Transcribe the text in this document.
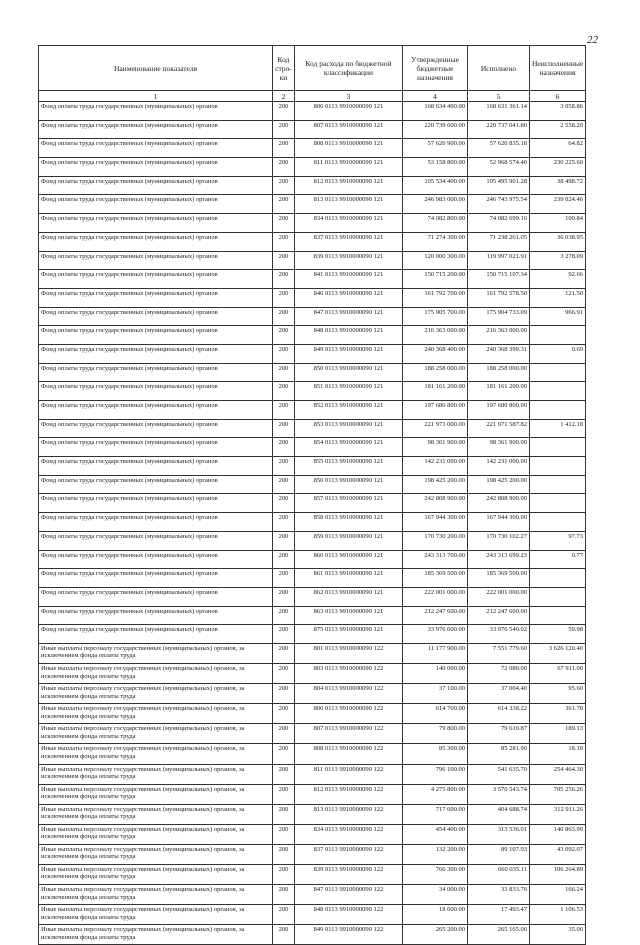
22
Наименование показателя	Код стро-ки	Код расхода по бюджетной классификации	Утвержденные бюджетные назначения	Исполнено	Неисполненные назначения
1	2	3	4	5	6
Фонд оплаты труда государственных (муниципальных) органов	200	806 0113 9910000090 121	168 634 490.00	168 631 361.14	3 058.86
Фонд оплаты труда государственных (муниципальных) органов	200	807 0113 9910000090 121	220 739 600.00	220 737 041.80	2 558.20
Фонд оплаты труда государственных (муниципальных) органов	200	808 0113 9910000090 121	57 620 900.00	57 620 835.18	64.82
Фонд оплаты труда государственных (муниципальных) органов	200	811 0113 9910000090 121	53 158 800.00	52 968 574.40	230 225.60
Фонд оплаты труда государственных (муниципальных) органов	200	812 0113 9910000090 121	105 534 400.00	105 495 901.28	38 498.72
Фонд оплаты труда государственных (муниципальных) органов	200	813 0113 9910000090 121	246 983 000.00	246 743 975.54	239 024.46
Фонд оплаты труда государственных (муниципальных) органов	200	834 0113 9910000090 121	74 082 800.00	74 082 699.16	100.84
Фонд оплаты труда государственных (муниципальных) органов	200	837 0113 9910000090 121	71 274 300.00	71 238 261.05	36 038.95
Фонд оплаты труда государственных (муниципальных) органов	200	839 0113 9910000090 121	120 000 300.00	119 997 021.91	3 278.09
Фонд оплаты труда государственных (муниципальных) органов	200	841 0113 9910000090 121	150 715 200.00	150 715 107.34	92.66
Фонд оплаты труда государственных (муниципальных) органов	200	846 0113 9910000090 121	161 792 700.00	161 792 578.50	121.50
Фонд оплаты труда государственных (муниципальных) органов	200	847 0113 9910000090 121	175 905 700.00	175 904 733.09	966.91
Фонд оплаты труда государственных (муниципальных) органов	200	848 0113 9910000090 121	216 363 000.00	216 363 000.00	
Фонд оплаты труда государственных (муниципальных) органов	200	849 0113 9910000090 121	240 368 400.00	240 368 399.31	0.69
Фонд оплаты труда государственных (муниципальных) органов	200	850 0113 9910000090 121	188 258 000.00	188 258 000.00	
Фонд оплаты труда государственных (муниципальных) органов	200	851 0113 9910000090 121	181 161 200.00	181 161 200.00	
Фонд оплаты труда государственных (муниципальных) органов	200	852 0113 9910000090 121	197 680 800.00	197 680 800.00	
Фонд оплаты труда государственных (муниципальных) органов	200	853 0113 9910000090 121	221 973 000.00	221 971 587.82	1 412.18
Фонд оплаты труда государственных (муниципальных) органов	200	854 0113 9910000090 121	98 361 900.00	98 361 900.00	
Фонд оплаты труда государственных (муниципальных) органов	200	855 0113 9910000090 121	142 231 000.00	142 231 000.00	
Фонд оплаты труда государственных (муниципальных) органов	200	856 0113 9910000090 121	198 425 200.00	198 425 200.00	
Фонд оплаты труда государственных (муниципальных) органов	200	857 0113 9910000090 121	242 808 900.00	242 808 900.00	
Фонд оплаты труда государственных (муниципальных) органов	200	858 0113 9910000090 121	167 944 300.00	167 944 300.00	
Фонд оплаты труда государственных (муниципальных) органов	200	859 0113 9910000090 121	170 730 200.00	170 730 102.27	97.73
Фонд оплаты труда государственных (муниципальных) органов	200	860 0113 9910000090 121	243 313 700.00	243 313 699.23	0.77
Фонд оплаты труда государственных (муниципальных) органов	200	861 0113 9910000090 121	185 369 500.00	185 369 500.00	
Фонд оплаты труда государственных (муниципальных) органов	200	862 0113 9910000090 121	222 001 000.00	222 001 000.00	
Фонд оплаты труда государственных (муниципальных) органов	200	863 0113 9910000090 121	212 247 600.00	212 247 600.00	
Фонд оплаты труда государственных (муниципальных) органов	200	875 0113 9910000090 121	33 976 600.00	33 976 540.02	59.98
Иные выплаты персоналу государственных (муниципальных) органов, за исключением фонда оплаты труда	200	801 0113 9910000090 122	11 177 900.00	7 551 779.60	3 626 120.40
Иные выплаты персоналу государственных (муниципальных) органов, за исключением фонда оплаты труда	200	803 0113 9910000090 122	140 000.00	72 089.00	67 911.00
Иные выплаты персоналу государственных (муниципальных) органов, за исключением фонда оплаты труда	200	804 0113 9910000090 122	37 100.00	37 004.40	95.60
Иные выплаты персоналу государственных (муниципальных) органов, за исключением фонда оплаты труда	200	806 0113 9910000090 122	614 700.00	614 338.22	361.78
Иные выплаты персоналу государственных (муниципальных) органов, за исключением фонда оплаты труда	200	807 0113 9910000090 122	79 800.00	79 610.87	189.13
Иные выплаты персоналу государственных (муниципальных) органов, за исключением фонда оплаты труда	200	808 0113 9910000090 122	85 300.00	85 281.90	18.10
Иные выплаты персоналу государственных (муниципальных) органов, за исключением фонда оплаты труда	200	811 0113 9910000090 122	796 100.00	541 635.70	254 464.30
Иные выплаты персоналу государственных (муниципальных) органов, за исключением фонда оплаты труда	200	812 0113 9910000090 122	4 275 800.00	3 570 543.74	705 256.26
Иные выплаты персоналу государственных (муниципальных) органов, за исключением фонда оплаты труда	200	813 0113 9910000090 122	717 600.00	404 688.74	312 911.26
Иные выплаты персоналу государственных (муниципальных) органов, за исключением фонда оплаты труда	200	834 0113 9910000090 122	454 400.00	313 536.01	140 863.99
Иные выплаты персоналу государственных (муниципальных) органов, за исключением фонда оплаты труда	200	837 0113 9910000090 122	132 200.00	89 107.93	43 092.07
Иные выплаты персоналу государственных (муниципальных) органов, за исключением фонда оплаты труда	200	839 0113 9910000090 122	766 300.00	660 035.11	106 264.89
Иные выплаты персоналу государственных (муниципальных) органов, за исключением фонда оплаты труда	200	847 0113 9910000090 122	34 000.00	33 833.76	166.24
Иные выплаты персоналу государственных (муниципальных) органов, за исключением фонда оплаты труда	200	848 0113 9910000090 122	18 600.00	17 493.47	1 106.53
Иные выплаты персоналу государственных (муниципальных) органов, за исключением фонда оплаты труда	200	849 0113 9910000090 122	265 200.00	265 165.00	35.00
